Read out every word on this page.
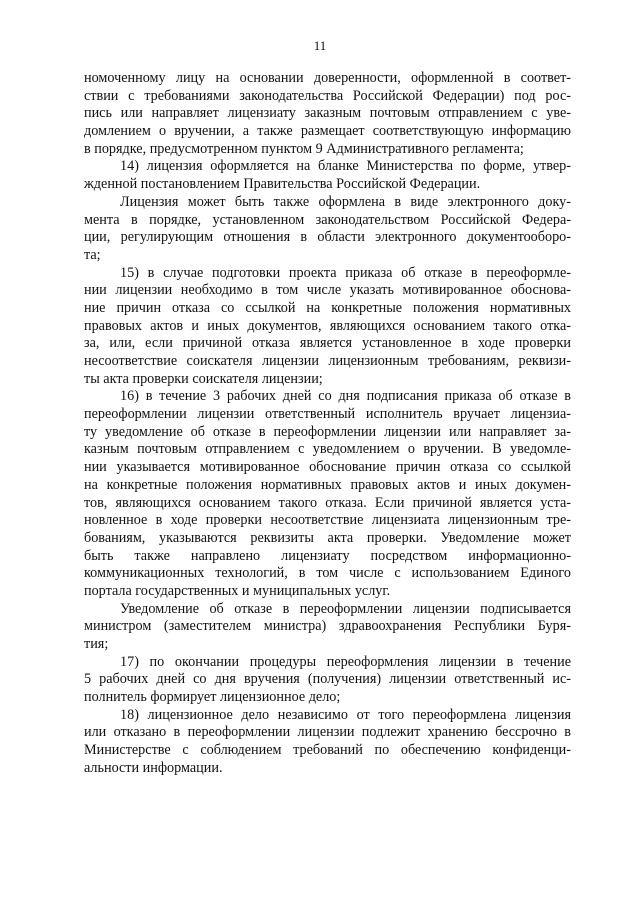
11
номоченному лицу на основании доверенности, оформленной в соответ-
ствии с требованиями законодательства Российской Федерации) под рос-
пись или направляет лицензиату заказным почтовым отправлением с уве-
домлением о вручении, а также размещает соответствующую информацию
в порядке, предусмотренном пунктом 9 Административного регламента;
14) лицензия оформляется на бланке Министерства по форме, утвер-
жденной постановлением Правительства Российской Федерации.
Лицензия может быть также оформлена в виде электронного доку-
мента в порядке, установленном законодательством Российской Федера-
ции, регулирующим отношения в области электронного документооборо-
та;
15) в случае подготовки проекта приказа об отказе в переоформле-
нии лицензии необходимо в том числе указать мотивированное обоснова-
ние причин отказа со ссылкой на конкретные положения нормативных
правовых актов и иных документов, являющихся основанием такого отка-
за, или, если причиной отказа является установленное в ходе проверки
несоответствие соискателя лицензии лицензионным требованиям, реквизи-
ты акта проверки соискателя лицензии;
16) в течение 3 рабочих дней со дня подписания приказа об отказе в
переоформлении лицензии ответственный исполнитель вручает лицензиа-
ту уведомление об отказе в переоформлении лицензии или направляет за-
казным почтовым отправлением с уведомлением о вручении. В уведомле-
нии указывается мотивированное обоснование причин отказа со ссылкой
на конкретные положения нормативных правовых актов и иных докумен-
тов, являющихся основанием такого отказа. Если причиной является уста-
новленное в ходе проверки несоответствие лицензиата лицензионным тре-
бованиям, указываются реквизиты акта проверки. Уведомление может
быть также направлено лицензиату посредством информационно-
коммуникационных технологий, в том числе с использованием Единого
портала государственных и муниципальных услуг.
Уведомление об отказе в переоформлении лицензии подписывается
министром (заместителем министра) здравоохранения Республики Буря-
тия;
17) по окончании процедуры переоформления лицензии в течение
5 рабочих дней со дня вручения (получения) лицензии ответственный ис-
полнитель формирует лицензионное дело;
18) лицензионное дело независимо от того переоформлена лицензия
или отказано в переоформлении лицензии подлежит хранению бессрочно в
Министерстве с соблюдением требований по обеспечению конфиденци-
альности информации.
